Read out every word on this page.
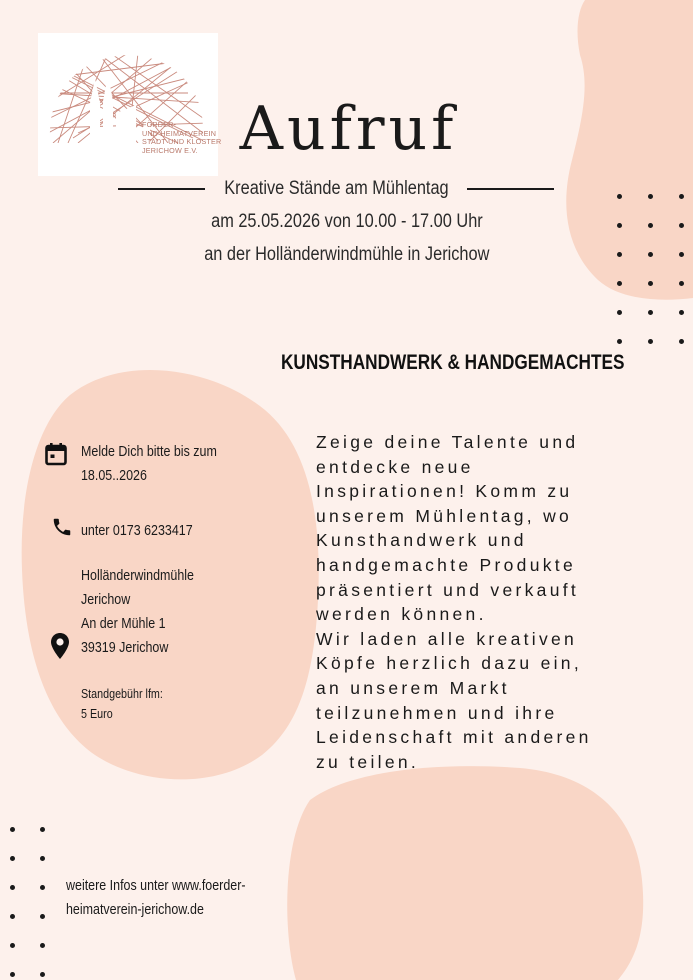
FÖRDER-
UND HEIMATVEREIN
STADT UND KLOSTER
JERICHOW E.V. Aufruf
Kreative Stände am Mühlentag
am 25.05.2026 von 10.00 - 17.00 Uhr
an der Holländerwindmühle in Jerichow
KUNSTHANDWERK & HANDGEMACHTES
Zeige deine Talente und
entdecke neue
Inspirationen! Komm zu
unserem Mühlentag, wo
Kunsthandwerk und
handgemachte Produkte
präsentiert und verkauft
werden können.
Wir laden alle kreativen
Köpfe herzlich dazu ein,
an unserem Markt
teilzunehmen und ihre
Leidenschaft mit anderen
zu teilen.
Melde Dich bitte bis zum
18.05..2026
unter 0173 6233417
Holländerwindmühle
Jerichow
An der Mühle 1
39319 Jerichow
Standgebühr lfm:
5 Euro
weitere Infos unter www.foerder-
heimatverein-jerichow.de
